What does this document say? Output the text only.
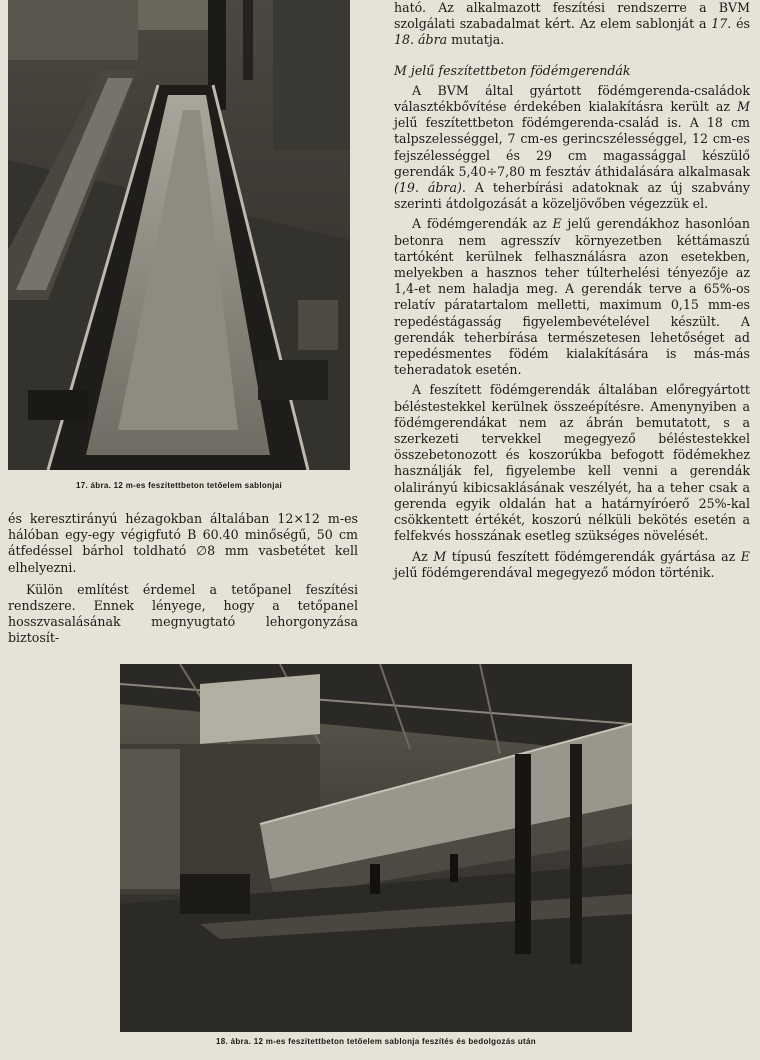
17. ábra. 12 m-es feszitettbeton tetőelem sablonjai

és keresztirányú hézagokban általában 12×12 m-es hálóban egy-egy végigfutó B 60.40 minőségű, 50 cm átfedéssel bárhol toldható ∅8 mm vasbetétet kell elhelyezni.

Külön említést érdemel a tetőpanel feszítési rendszere. Ennek lényege, hogy a tetőpanel hosszvasalásának megnyugtató lehorgonyzása biztosít-

ható. Az alkalmazott feszítési rendszerre a BVM szolgálati szabadalmat kért. Az elem sablonját a 17. és 18. ábra mutatja.

M jelű feszítettbeton födémgerendák

A BVM által gyártott födémgerenda-családok választékbővítése érdekében kialakításra került az M jelű feszítettbeton födémgerenda-család is. A 18 cm talpszelességgel, 7 cm-es gerincszélességgel, 12 cm-es fejszélességgel és 29 cm magassággal készülő gerendák 5,40÷7,80 m fesztáv áthidalására alkalmasak (19. ábra). A teherbírási adatoknak az új szabvány szerinti átdolgozását a közeljövőben végezzük el.

A födémgerendák az E jelű gerendákhoz hasonlóan betonra nem agresszív környezetben kéttámaszú tartóként kerülnek felhasználásra azon esetekben, melyekben a hasznos teher túlterhelési tényezője az 1,4-et nem haladja meg. A gerendák terve a 65%-os relatív páratartalom melletti, maximum 0,15 mm-es repedéstágasság figyelembevételével készült. A gerendák teherbírása természetesen lehetőséget ad repedésmentes födém kialakítására is más-más teheradatok esetén.

A feszített födémgerendák általában előregyártott béléstestekkel kerülnek összeépítésre. Amenynyiben a födémgerendákat nem az ábrán bemutatott, s a szerkezeti tervekkel megegyező béléstestekkel összebetonozott és koszorúkba befogott födémekhez használják fel, figyelembe kell venni a gerendák olalirányú kibicsaklásának veszélyét, ha a teher csak a gerenda egyik oldalán hat a határnyíróerő 25%-kal csökkentett értékét, koszorú nélküli bekötés esetén a felfekvés hosszának esetleg szükséges növelését.

Az M típusú feszített födémgerendák gyártása az E jelű födémgerendával megegyező módon történik.

18. ábra. 12 m-es feszitettbeton tetőelem sablonja feszítés és bedolgozás után
